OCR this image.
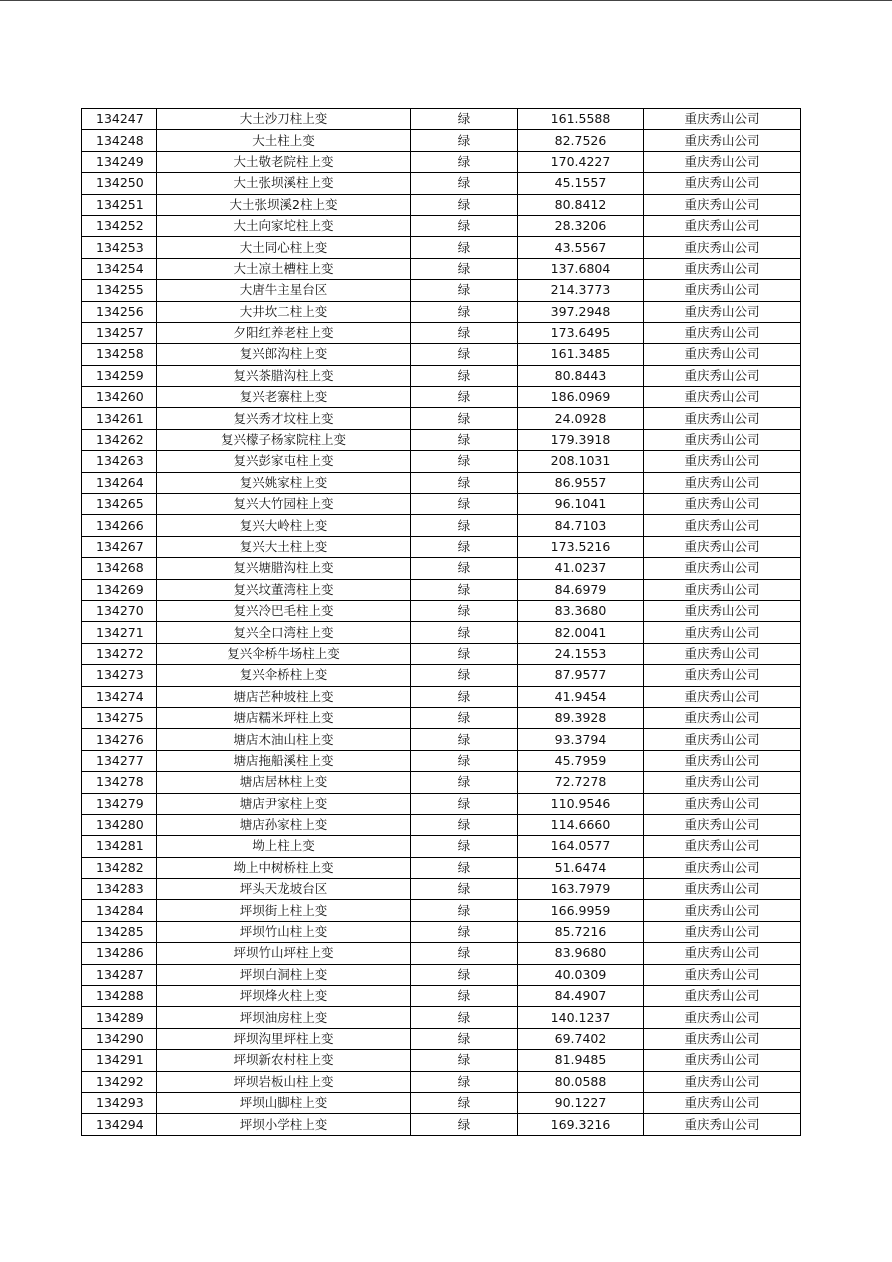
134247	大土沙刀柱上变	绿	161.5588	重庆秀山公司
134248	大土柱上变	绿	82.7526	重庆秀山公司
134249	大土敬老院柱上变	绿	170.4227	重庆秀山公司
134250	大土张坝溪柱上变	绿	45.1557	重庆秀山公司
134251	大土张坝溪2柱上变	绿	80.8412	重庆秀山公司
134252	大土向家坨柱上变	绿	28.3206	重庆秀山公司
134253	大土同心柱上变	绿	43.5567	重庆秀山公司
134254	大土凉土槽柱上变	绿	137.6804	重庆秀山公司
134255	大唐牛主星台区	绿	214.3773	重庆秀山公司
134256	大井坎二柱上变	绿	397.2948	重庆秀山公司
134257	夕阳红养老柱上变	绿	173.6495	重庆秀山公司
134258	复兴郎沟柱上变	绿	161.3485	重庆秀山公司
134259	复兴茶腊沟柱上变	绿	80.8443	重庆秀山公司
134260	复兴老寨柱上变	绿	186.0969	重庆秀山公司
134261	复兴秀才坟柱上变	绿	24.0928	重庆秀山公司
134262	复兴檬子杨家院柱上变	绿	179.3918	重庆秀山公司
134263	复兴彭家屯柱上变	绿	208.1031	重庆秀山公司
134264	复兴姚家柱上变	绿	86.9557	重庆秀山公司
134265	复兴大竹园柱上变	绿	96.1041	重庆秀山公司
134266	复兴大岭柱上变	绿	84.7103	重庆秀山公司
134267	复兴大土柱上变	绿	173.5216	重庆秀山公司
134268	复兴塘腊沟柱上变	绿	41.0237	重庆秀山公司
134269	复兴坟董湾柱上变	绿	84.6979	重庆秀山公司
134270	复兴冷巴毛柱上变	绿	83.3680	重庆秀山公司
134271	复兴全口湾柱上变	绿	82.0041	重庆秀山公司
134272	复兴伞桥牛场柱上变	绿	24.1553	重庆秀山公司
134273	复兴伞桥柱上变	绿	87.9577	重庆秀山公司
134274	塘店芒种坡柱上变	绿	41.9454	重庆秀山公司
134275	塘店糯米坪柱上变	绿	89.3928	重庆秀山公司
134276	塘店木油山柱上变	绿	93.3794	重庆秀山公司
134277	塘店拖船溪柱上变	绿	45.7959	重庆秀山公司
134278	塘店居林柱上变	绿	72.7278	重庆秀山公司
134279	塘店尹家柱上变	绿	110.9546	重庆秀山公司
134280	塘店孙家柱上变	绿	114.6660	重庆秀山公司
134281	坳上柱上变	绿	164.0577	重庆秀山公司
134282	坳上中树桥柱上变	绿	51.6474	重庆秀山公司
134283	坪头天龙坡台区	绿	163.7979	重庆秀山公司
134284	坪坝街上柱上变	绿	166.9959	重庆秀山公司
134285	坪坝竹山柱上变	绿	85.7216	重庆秀山公司
134286	坪坝竹山坪柱上变	绿	83.9680	重庆秀山公司
134287	坪坝白洞柱上变	绿	40.0309	重庆秀山公司
134288	坪坝烽火柱上变	绿	84.4907	重庆秀山公司
134289	坪坝油房柱上变	绿	140.1237	重庆秀山公司
134290	坪坝沟里坪柱上变	绿	69.7402	重庆秀山公司
134291	坪坝新农村柱上变	绿	81.9485	重庆秀山公司
134292	坪坝岩板山柱上变	绿	80.0588	重庆秀山公司
134293	坪坝山脚柱上变	绿	90.1227	重庆秀山公司
134294	坪坝小学柱上变	绿	169.3216	重庆秀山公司
